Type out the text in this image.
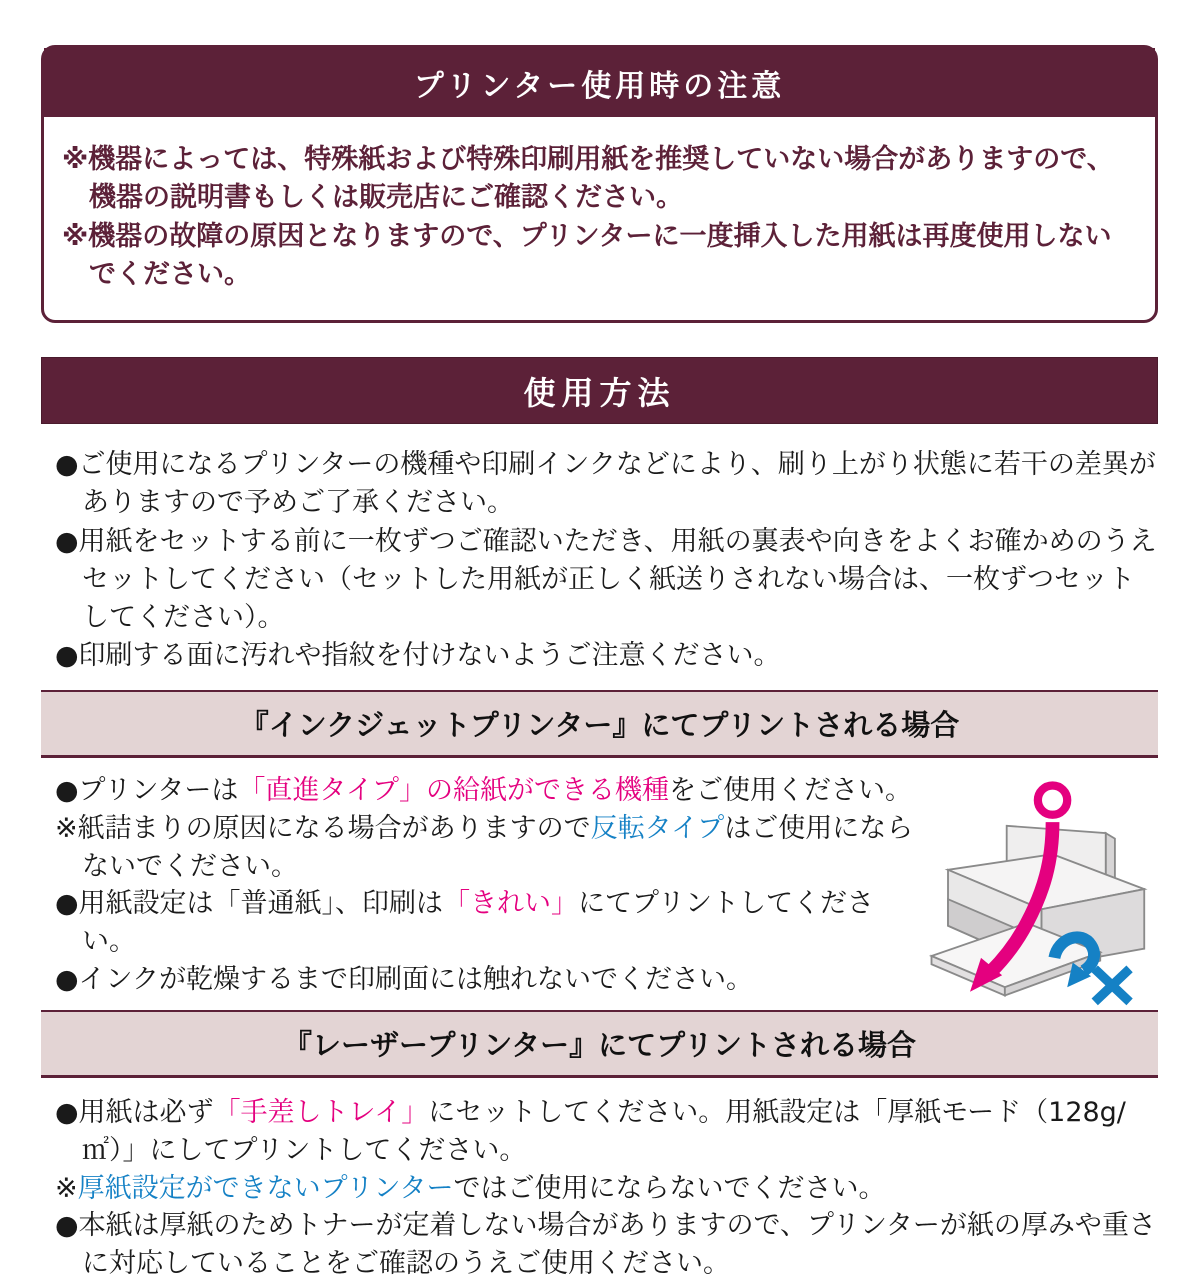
プリンター使用時の注意
※機器によっては、特殊紙および特殊印刷用紙を推奨していない場合がありますので、機器の説明書もしくは販売店にご確認ください。
※機器の故障の原因となりますので、プリンターに一度挿入した用紙は再度使用しないでください。
使用方法
●ご使用になるプリンターの機種や印刷インクなどにより、刷り上がり状態に若干の差異がありますので予めご了承ください。
●用紙をセットする前に一枚ずつご確認いただき、用紙の裏表や向きをよくお確かめのうえセットしてください（セットした用紙が正しく紙送りされない場合は、一枚ずつセットしてください）。
●印刷する面に汚れや指紋を付けないようご注意ください。
『インクジェットプリンター』にてプリントされる場合
●プリンターは「直進タイプ」の給紙ができる機種をご使用ください。
※紙詰まりの原因になる場合がありますので反転タイプはご使用にならないでください。
●用紙設定は「普通紙」、印刷は「きれい」にてプリントしてください。
●インクが乾燥するまで印刷面には触れないでください。
『レーザープリンター』にてプリントされる場合
●用紙は必ず「手差しトレイ」にセットしてください。用紙設定は「厚紙モード（128g/㎡）」にしてプリントしてください。
※厚紙設定ができないプリンターではご使用にならないでください。
●本紙は厚紙のためトナーが定着しない場合がありますので、プリンターが紙の厚みや重さに対応していることをご確認のうえご使用ください。
